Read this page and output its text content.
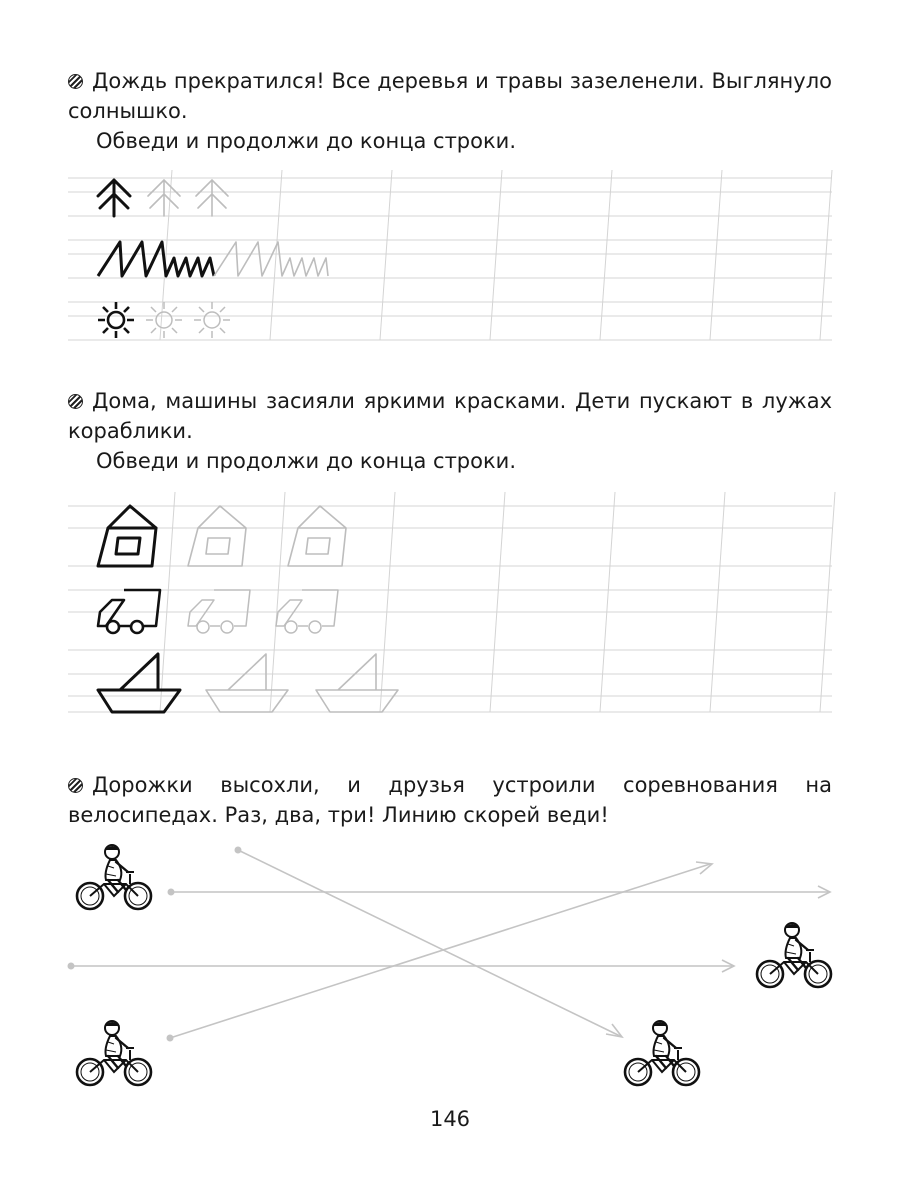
Дождь прекратился! Все деревья и травы зазеленели. Выглянуло солнышко.

Обведи и продолжи до конца строки.

Дома, машины засияли яркими красками. Дети пускают в лужах кораблики.

Обведи и продолжи до конца строки.

Дорожки высохли, и друзья устроили соревнования на велосипедах. Раз, два, три! Линию скорей веди!

146
